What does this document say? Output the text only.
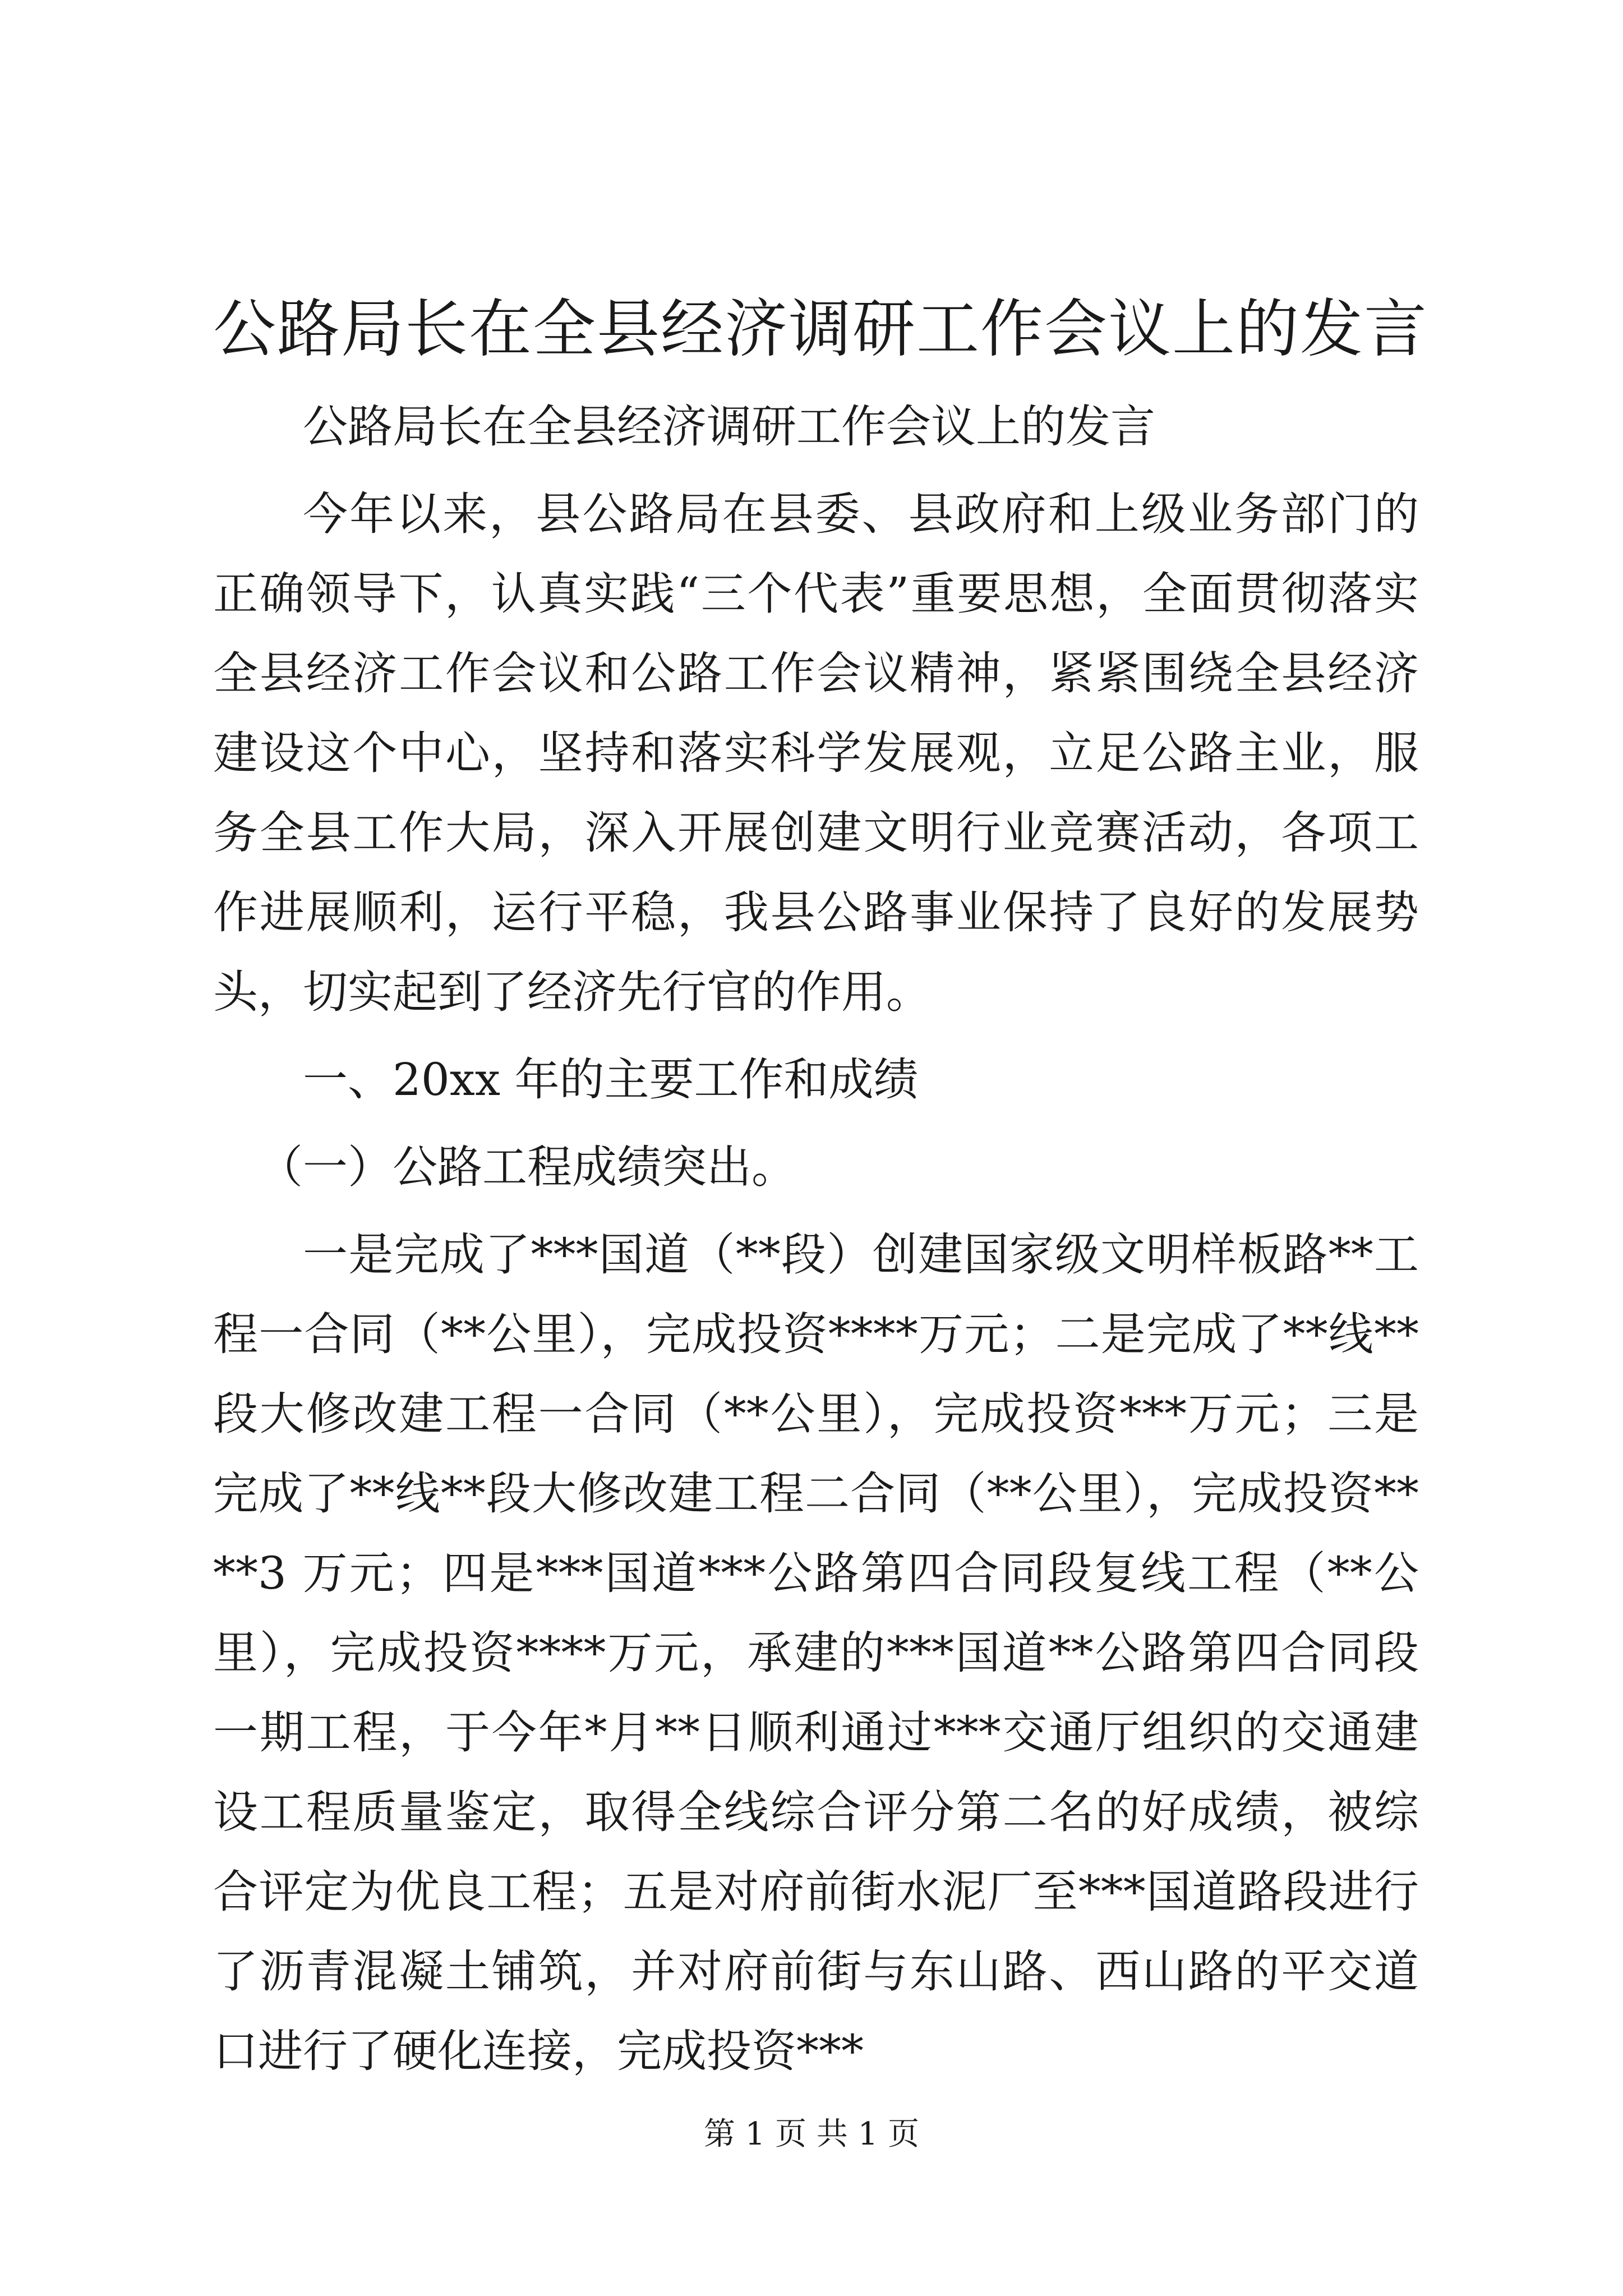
公路局长在全县经济调研工作会议上的发言

公路局长在全县经济调研工作会议上的发言

今年以来，县公路局在县委、县政府和上级业务部门的正确领导下，认真实践“三个代表”重要思想，全面贯彻落实全县经济工作会议和公路工作会议精神，紧紧围绕全县经济建设这个中心，坚持和落实科学发展观，立足公路主业，服务全县工作大局，深入开展创建文明行业竞赛活动，各项工作进展顺利，运行平稳，我县公路事业保持了良好的发展势头，切实起到了经济先行官的作用。

一、20xx 年的主要工作和成绩

（一）公路工程成绩突出。

一是完成了***国道（**段）创建国家级文明样板路**工程一合同（**公里），完成投资****万元；二是完成了**线**段大修改建工程一合同（**公里），完成投资***万元；三是完成了**线**段大修改建工程二合同（**公里），完成投资****3 万元；四是***国道***公路第四合同段复线工程（**公里），完成投资****万元，承建的***国道**公路第四合同段一期工程，于今年*月**日顺利通过***交通厅组织的交通建设工程质量鉴定，取得全线综合评分第二名的好成绩，被综合评定为优良工程；五是对府前街水泥厂至***国道路段进行了沥青混凝土铺筑，并对府前街与东山路、西山路的平交道口进行了硬化连接，完成投资***

第 1 页 共 1 页
